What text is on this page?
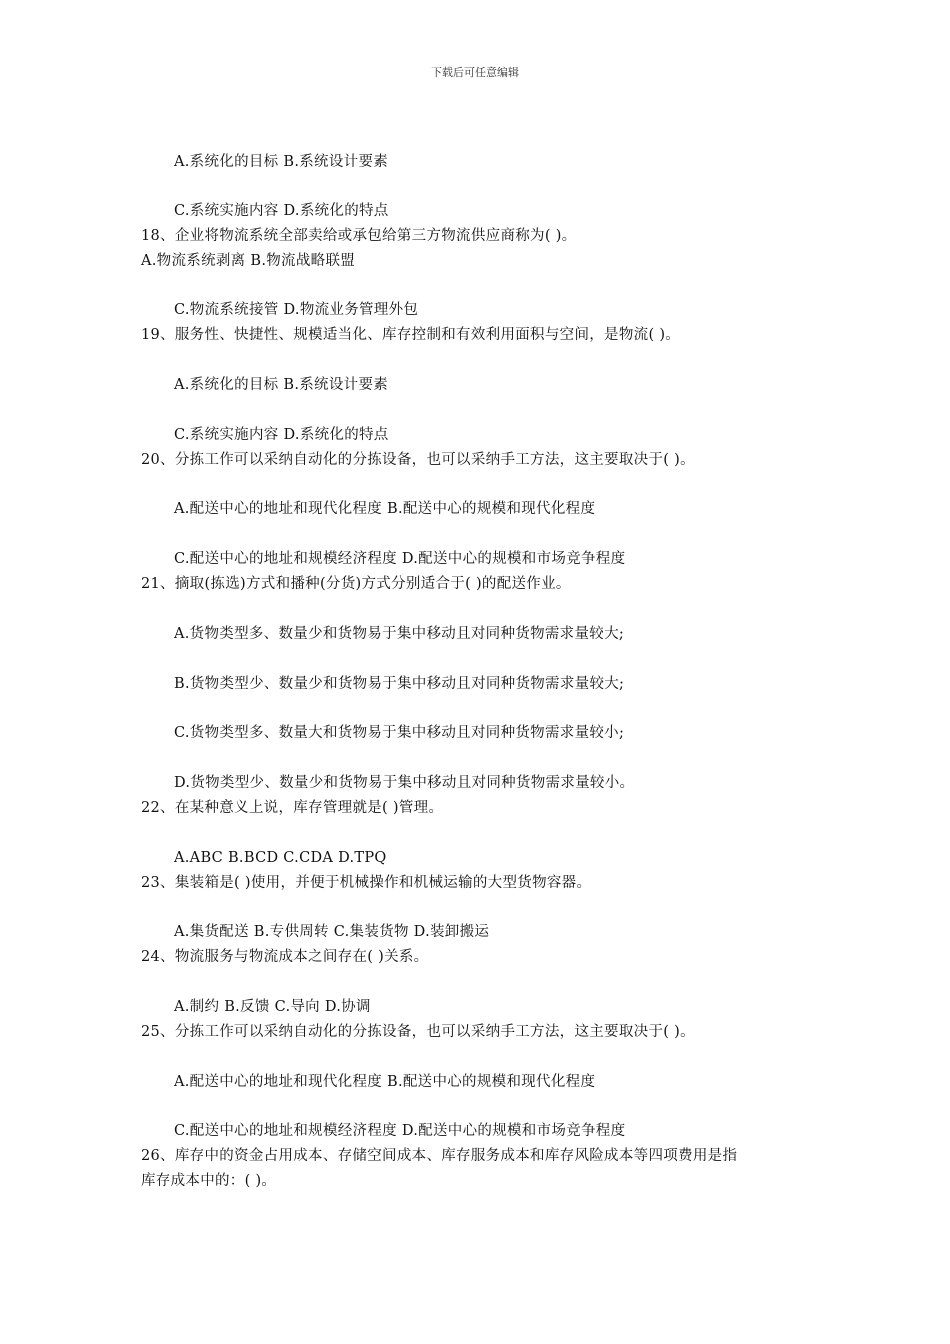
下载后可任意编辑
A.系统化的目标 B.系统设计要素
C.系统实施内容 D.系统化的特点
18、企业将物流系统全部卖给或承包给第三方物流供应商称为( )。
A.物流系统剥离 B.物流战略联盟
C.物流系统接管 D.物流业务管理外包
19、服务性、快捷性、规模适当化、库存控制和有效利用面积与空间，是物流( )。
A.系统化的目标 B.系统设计要素
C.系统实施内容 D.系统化的特点
20、分拣工作可以采纳自动化的分拣设备，也可以采纳手工方法，这主要取决于( )。
A.配送中心的地址和现代化程度 B.配送中心的规模和现代化程度
C.配送中心的地址和规模经济程度 D.配送中心的规模和市场竞争程度
21、摘取(拣选)方式和播种(分货)方式分别适合于( )的配送作业。
A.货物类型多、数量少和货物易于集中移动且对同种货物需求量较大;
B.货物类型少、数量少和货物易于集中移动且对同种货物需求量较大;
C.货物类型多、数量大和货物易于集中移动且对同种货物需求量较小;
D.货物类型少、数量少和货物易于集中移动且对同种货物需求量较小。
22、在某种意义上说，库存管理就是( )管理。
A.ABC B.BCD C.CDA D.TPQ
23、集装箱是( )使用，并便于机械操作和机械运输的大型货物容器。
A.集货配送 B.专供周转 C.集装货物 D.装卸搬运
24、物流服务与物流成本之间存在( )关系。
A.制约 B.反馈 C.导向 D.协调
25、分拣工作可以采纳自动化的分拣设备，也可以采纳手工方法，这主要取决于( )。
A.配送中心的地址和现代化程度 B.配送中心的规模和现代化程度
C.配送中心的地址和规模经济程度 D.配送中心的规模和市场竞争程度
26、库存中的资金占用成本、存储空间成本、库存服务成本和库存风险成本等四项费用是指
库存成本中的：( )。
